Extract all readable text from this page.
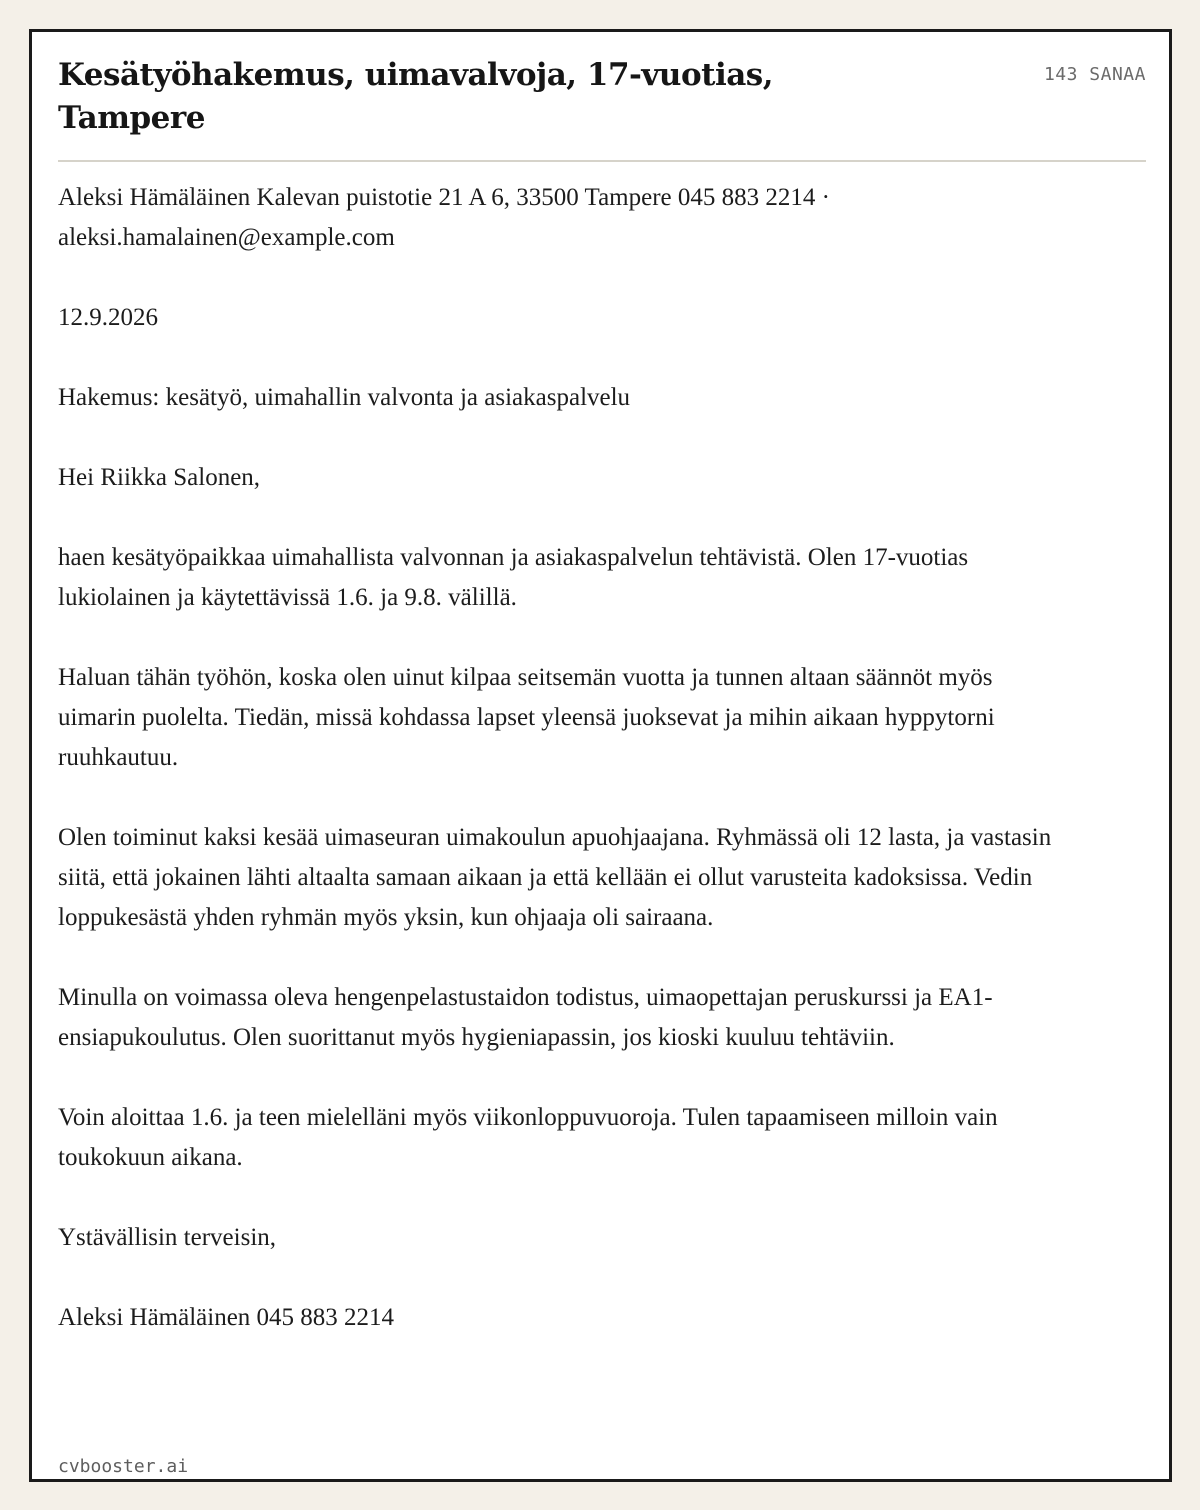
Kesätyöhakemus, uimavalvoja, 17-vuotias, Tampere
143 SANAA

Aleksi Hämäläinen Kalevan puistotie 21 A 6, 33500 Tampere 045 883 2214 · aleksi.hamalainen@example.com

12.9.2026

Hakemus: kesätyö, uimahallin valvonta ja asiakaspalvelu

Hei Riikka Salonen,

haen kesätyöpaikkaa uimahallista valvonnan ja asiakaspalvelun tehtävistä. Olen 17-vuotias lukiolainen ja käytettävissä 1.6. ja 9.8. välillä.

Haluan tähän työhön, koska olen uinut kilpaa seitsemän vuotta ja tunnen altaan säännöt myös uimarin puolelta. Tiedän, missä kohdassa lapset yleensä juoksevat ja mihin aikaan hyppytorni ruuhkautuu.

Olen toiminut kaksi kesää uimaseuran uimakoulun apuohjaajana. Ryhmässä oli 12 lasta, ja vastasin siitä, että jokainen lähti altaalta samaan aikaan ja että kellään ei ollut varusteita kadoksissa. Vedin loppukesästä yhden ryhmän myös yksin, kun ohjaaja oli sairaana.

Minulla on voimassa oleva hengenpelastustaidon todistus, uimaopettajan peruskurssi ja EA1-ensiapukoulutus. Olen suorittanut myös hygieniapassin, jos kioski kuuluu tehtäviin.

Voin aloittaa 1.6. ja teen mielelläni myös viikonloppuvuoroja. Tulen tapaamiseen milloin vain toukokuun aikana.

Ystävällisin terveisin,

Aleksi Hämäläinen 045 883 2214

cvbooster.ai
